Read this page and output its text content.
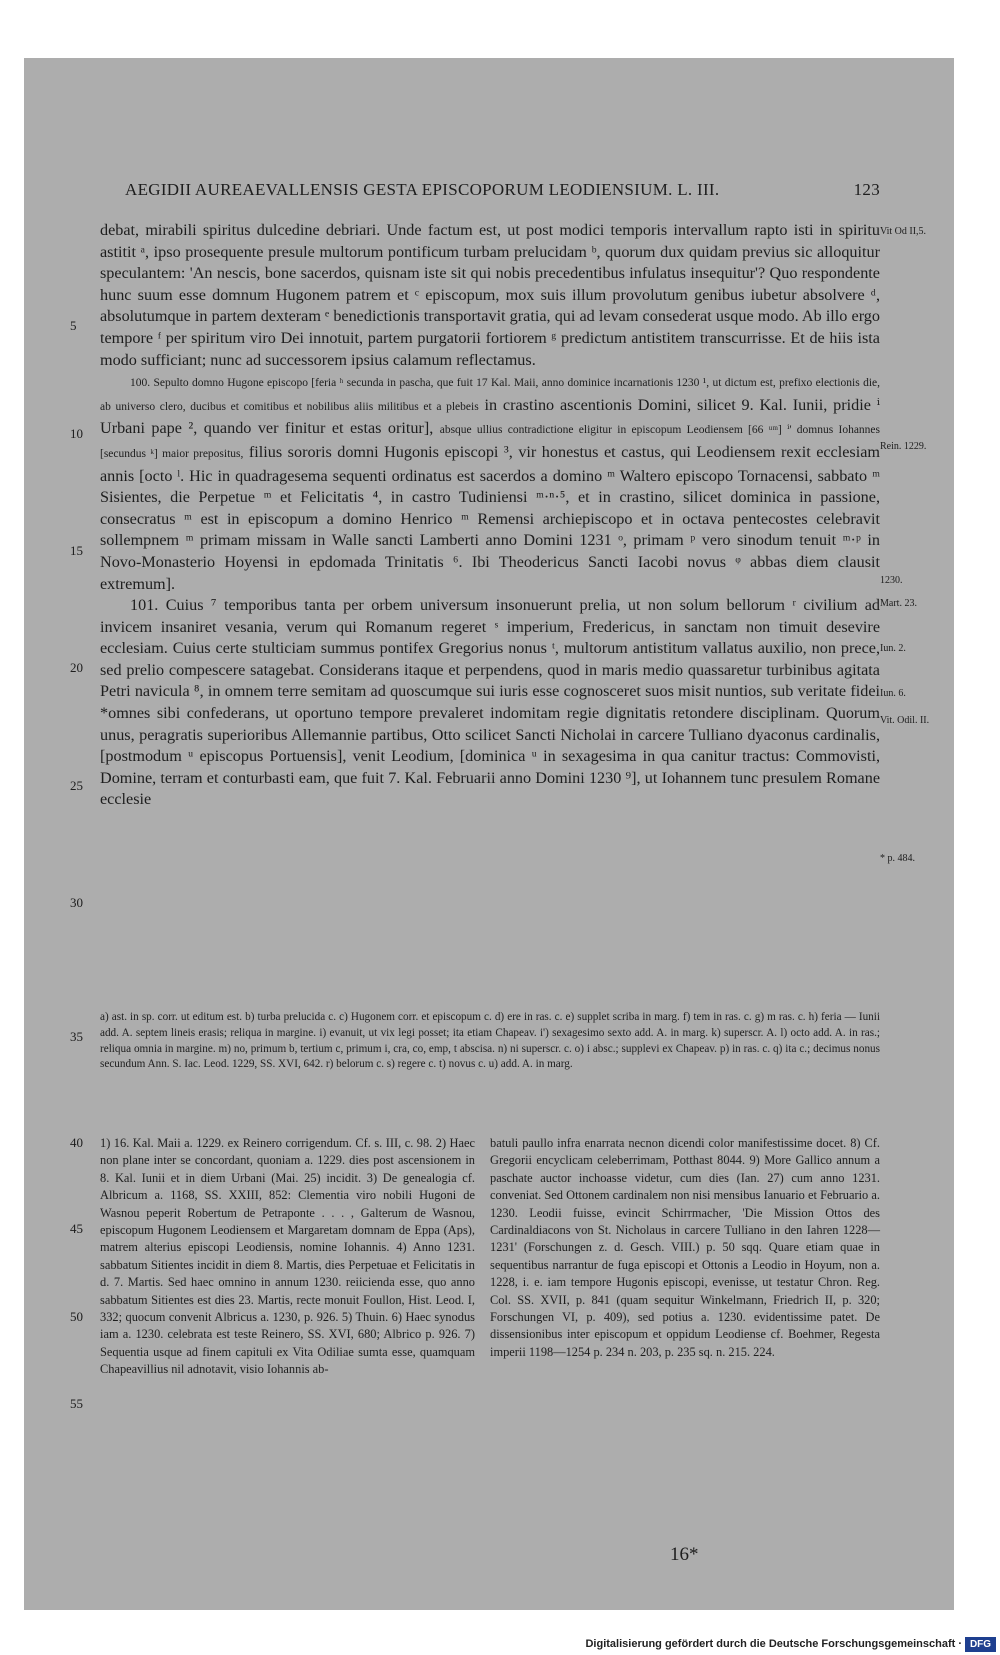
AEGIDII AUREAEVALLENSIS GESTA EPISCOPORUM LEODIENSIUM. L. III.	123

debat, mirabili spiritus dulcedine debriari. Unde factum est, ut post modici temporis intervallum rapto isti in spiritu astitit ᵃ, ipso prosequente presule multorum pontificum turbam prelucidam ᵇ, quorum dux quidam previus sic alloquitur speculantem: 'An nescis, bone sacerdos, quisnam iste sit qui nobis precedentibus infulatus insequitur'? Quo respondente hunc suum esse domnum Hugonem patrem et ᶜ episcopum, mox suis illum provolutum genibus iubetur absolvere ᵈ, absolutumque in partem dexteram ᵉ benedictionis transportavit gratia, qui ad levam consederat usque modo. Ab illo ergo tempore ᶠ per spiritum viro Dei innotuit, partem purgatorii fortiorem ᵍ predictum antistitem transcurrisse. Et de hiis ista modo sufficiant; nunc ad successorem ipsius calamum reflectamus.

100. Sepulto domno Hugone episcopo [feria ʰ secunda in pascha, que fuit 17 Kal. Maii, anno dominice incarnationis 1230 ¹, ut dictum est, prefixo electionis die, ab universo clero, ducibus et comitibus et nobilibus aliis militibus et a plebeis in crastino ascentionis Domini, silicet 9. Kal. Iunii, pridie ⁱ Urbani pape ², quando ver finitur et estas oritur], absque ullius contradictione eligitur in episcopum Leodiensem [66 ᵘᵐ] ⁱ' domnus Iohannes [secundus ᵏ] maior prepositus, filius sororis domni Hugonis episcopi ³, vir honestus et castus, qui Leodiensem rexit ecclesiam annis [octo ˡ. Hic in quadragesema sequenti ordinatus est sacerdos a domino ᵐ Waltero episcopo Tornacensi, sabbato ᵐ Sisientes, die Perpetue ᵐ et Felicitatis ⁴, in castro Tudiniensi ᵐ·ⁿ·⁵, et in crastino, silicet dominica in passione, consecratus ᵐ est in episcopum a domino Henrico ᵐ Remensi archiepiscopo et in octava pentecostes celebravit sollempnem ᵐ primam missam in Walle sancti Lamberti anno Domini 1231 ᵒ, primam ᵖ vero sinodum tenuit ᵐ·ᵖ in Novo-Monasterio Hoyensi in epdomada Trinitatis ⁶. Ibi Theodericus Sancti Iacobi novus ᵠ abbas diem clausit extremum].

101. Cuius ⁷ temporibus tanta per orbem universum insonuerunt prelia, ut non solum bellorum ʳ civilium ad invicem insaniret vesania, verum qui Romanum regeret ˢ imperium, Fredericus, in sanctam non timuit desevire ecclesiam. Cuius certe stulticiam summus pontifex Gregorius nonus ᵗ, multorum antistitum vallatus auxilio, non prece, sed prelio compescere satagebat. Considerans itaque et perpendens, quod in maris medio quassaretur turbinibus agitata Petri navicula ⁸, in omnem terre semitam ad quoscumque sui iuris esse cognosceret suos misit nuntios, sub veritate fidei *omnes sibi confederans, ut oportuno tempore prevaleret indomitam regie dignitatis retondere disciplinam. Quorum unus, peragratis superioribus Allemannie partibus, Otto scilicet Sancti Nicholai in carcere Tulliano dyaconus cardinalis, [postmodum ᵘ episcopus Portuensis], venit Leodium, [dominica ᵘ in sexagesima in qua canitur tractus: Commovisti, Domine, terram et conturbasti eam, que fuit 7. Kal. Februarii anno Domini 1230 ⁹], ut Iohannem tunc presulem Romane ecclesie

5
10
15
20
25
30
35
40
45
50
55
Vit Od II,5.
Rein. 1229.
1230.
Mart. 23.
Iun. 2.
Iun. 6.
Vit. Odil. II.
* p. 484.

a) ast. in sp. corr. ut editum est. b) turba prelucida c. c) Hugonem corr. et episcopum c. d) ere in ras. c. e) supplet scriba in marg. f) tem in ras. c. g) m ras. c. h) feria — Iunii add. A. septem lineis erasis; reliqua in margine. i) evanuit, ut vix legi posset; ita etiam Chapeav. i') sexagesimo sexto add. A. in marg. k) superscr. A. l) octo add. A. in ras.; reliqua omnia in margine. m) no, primum b, tertium c, primum i, cra, co, emp, t abscisa. n) ni superscr. c. o) i absc.; supplevi ex Chapeav. p) in ras. c. q) ita c.; decimus nonus secundum Ann. S. Iac. Leod. 1229, SS. XVI, 642. r) belorum c. s) regere c. t) novus c. u) add. A. in marg.

1) 16. Kal. Maii a. 1229. ex Reinero corrigendum. Cf. s. III, c. 98. 2) Haec non plane inter se concordant, quoniam a. 1229. dies post ascensionem in 8. Kal. Iunii et in diem Urbani (Mai. 25) incidit. 3) De genealogia cf. Albricum a. 1168, SS. XXIII, 852: Clementia viro nobili Hugoni de Wasnou peperit Robertum de Petraponte . . . , Galterum de Wasnou, episcopum Hugonem Leodiensem et Margaretam domnam de Eppa (Aps), matrem alterius episcopi Leodiensis, nomine Iohannis. 4) Anno 1231. sabbatum Sitientes incidit in diem 8. Martis, dies Perpetuae et Felicitatis in d. 7. Martis. Sed haec omnino in annum 1230. reiicienda esse, quo anno sabbatum Sitientes est dies 23. Martis, recte monuit Foullon, Hist. Leod. I, 332; quocum convenit Albricus a. 1230, p. 926. 5) Thuin. 6) Haec synodus iam a. 1230. celebrata est teste Reinero, SS. XVI, 680; Albrico p. 926. 7) Sequentia usque ad finem capituli ex Vita Odiliae sumta esse, quamquam Chapeavillius nil adnotavit, visio Iohannis ab-
batuli paullo infra enarrata necnon dicendi color manifestissime docet. 8) Cf. Gregorii encyclicam celeberrimam, Potthast 8044. 9) More Gallico annum a paschate auctor inchoasse videtur, cum dies (Ian. 27) cum anno 1231. conveniat. Sed Ottonem cardinalem non nisi mensibus Ianuario et Februario a. 1230. Leodii fuisse, evincit Schirrmacher, 'Die Mission Ottos des Cardinaldiacons von St. Nicholaus in carcere Tulliano in den Iahren 1228—1231' (Forschungen z. d. Gesch. VIII.) p. 50 sqq. Quare etiam quae in sequentibus narrantur de fuga episcopi et Ottonis a Leodio in Hoyum, non a. 1228, i. e. iam tempore Hugonis episcopi, evenisse, ut testatur Chron. Reg. Col. SS. XVII, p. 841 (quam sequitur Winkelmann, Friedrich II, p. 320; Forschungen VI, p. 409), sed potius a. 1230. evidentissime patet. De dissensionibus inter episcopum et oppidum Leodiense cf. Boehmer, Regesta imperii 1198—1254 p. 234 n. 203, p. 235 sq. n. 215. 224.
16*
Digitalisierung gefördert durch die Deutsche Forschungsgemeinschaft · DFG
